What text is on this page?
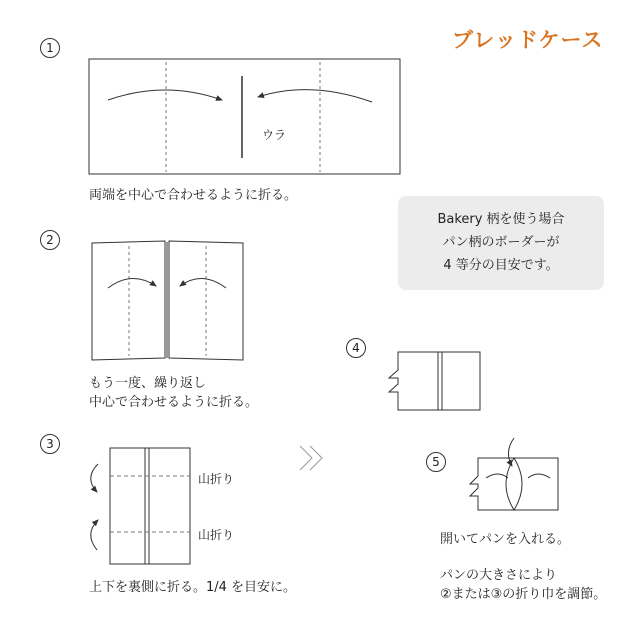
ブレッドケース
1
2
3
4
5
ウラ
両端を中心で合わせるように折る。
Bakery 柄を使う場合
パン柄のボーダーが
4 等分の目安です。
もう一度、繰り返し
中心で合わせるように折る。
山折り
山折り
上下を裏側に折る。1/4 を目安に。
開いてパンを入れる。
パンの大きさにより
②または③の折り巾を調節。
